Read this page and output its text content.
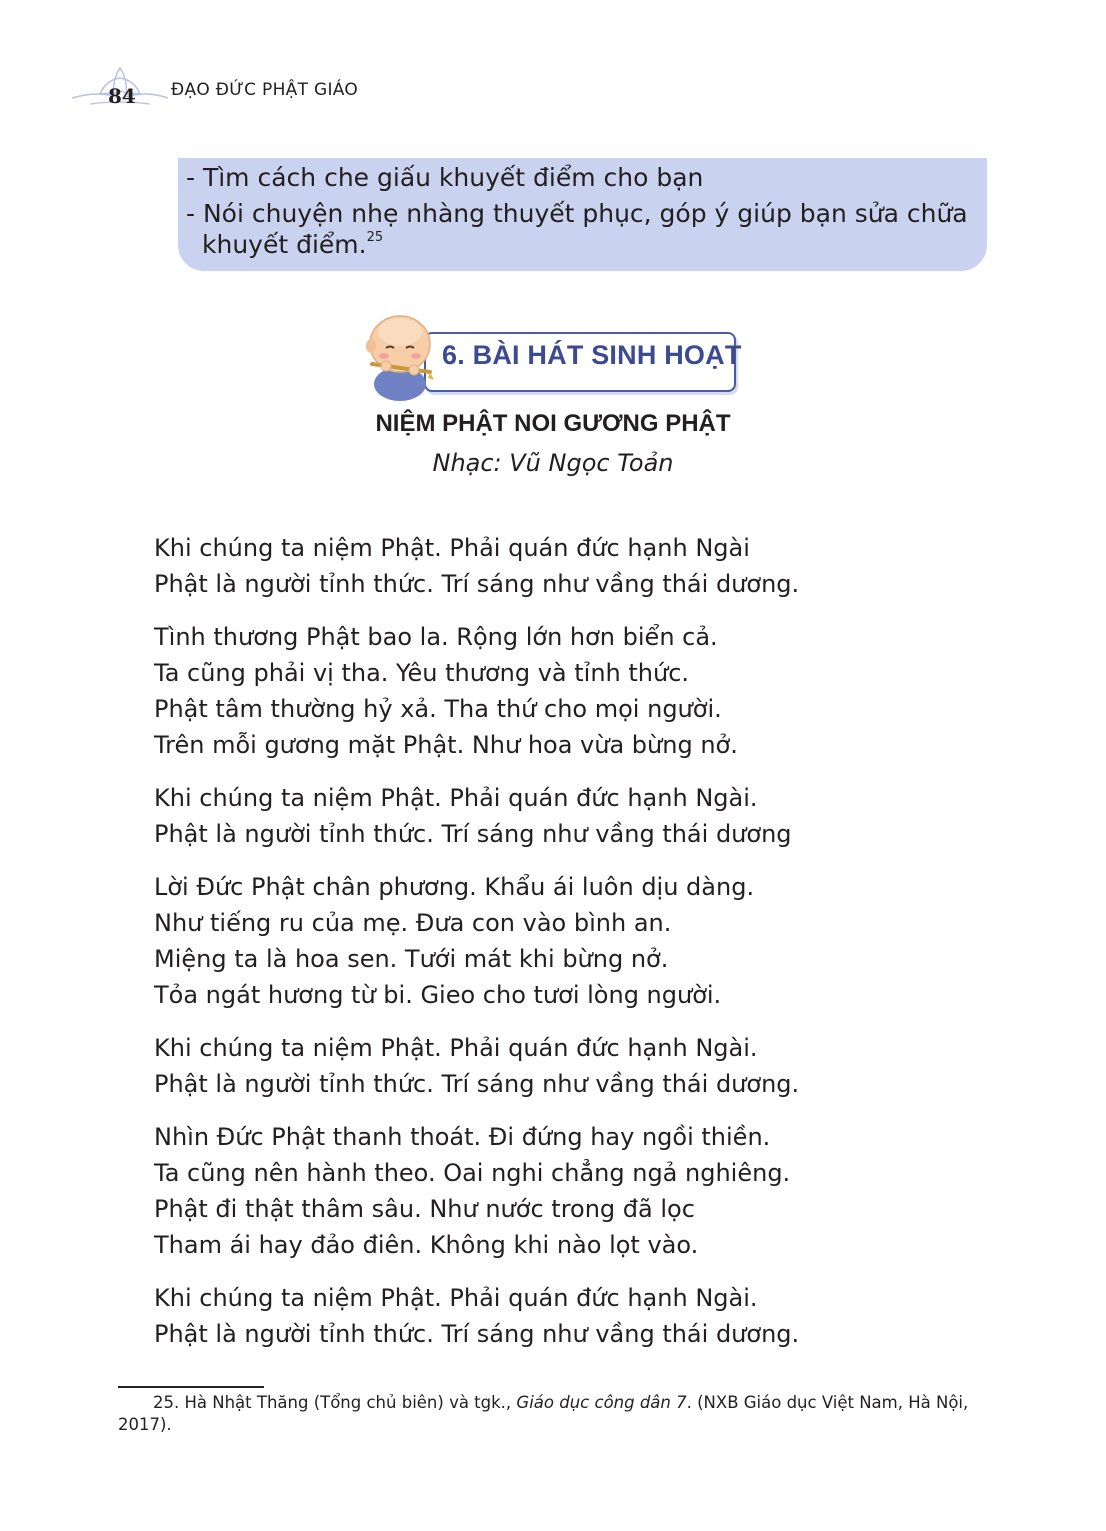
84 ĐẠO ĐỨC PHẬT GIÁO
- Tìm cách che giấu khuyết điểm cho bạn
- Nói chuyện nhẹ nhàng thuyết phục, góp ý giúp bạn sửa chữa
khuyết điểm.$^{25}$
6. BÀI HÁT SINH HOẠT
NIỆM PHẬT NOI GƯƠNG PHẬT
Nhạc: Vũ Ngọc Toản
Khi chúng ta niệm Phật. Phải quán đức hạnh Ngài
Phật là người tỉnh thức. Trí sáng như vầng thái dương.
Tình thương Phật bao la. Rộng lớn hơn biển cả.
Ta cũng phải vị tha. Yêu thương và tỉnh thức.
Phật tâm thường hỷ xả. Tha thứ cho mọi người.
Trên mỗi gương mặt Phật. Như hoa vừa bừng nở.
Khi chúng ta niệm Phật. Phải quán đức hạnh Ngài.
Phật là người tỉnh thức. Trí sáng như vầng thái dương
Lời Đức Phật chân phương. Khẩu ái luôn dịu dàng.
Như tiếng ru của mẹ. Đưa con vào bình an.
Miệng ta là hoa sen. Tưới mát khi bừng nở.
Tỏa ngát hương từ bi. Gieo cho tươi lòng người.
Khi chúng ta niệm Phật. Phải quán đức hạnh Ngài.
Phật là người tỉnh thức. Trí sáng như vầng thái dương.
Nhìn Đức Phật thanh thoát. Đi đứng hay ngồi thiền.
Ta cũng nên hành theo. Oai nghi chẳng ngả nghiêng.
Phật đi thật thâm sâu. Như nước trong đã lọc
Tham ái hay đảo điên. Không khi nào lọt vào.
Khi chúng ta niệm Phật. Phải quán đức hạnh Ngài.
Phật là người tỉnh thức. Trí sáng như vầng thái dương.
25. Hà Nhật Thăng (Tổng chủ biên) và tgk., Giáo dục công dân 7. (NXB Giáo dục Việt Nam, Hà Nội,
2017).
